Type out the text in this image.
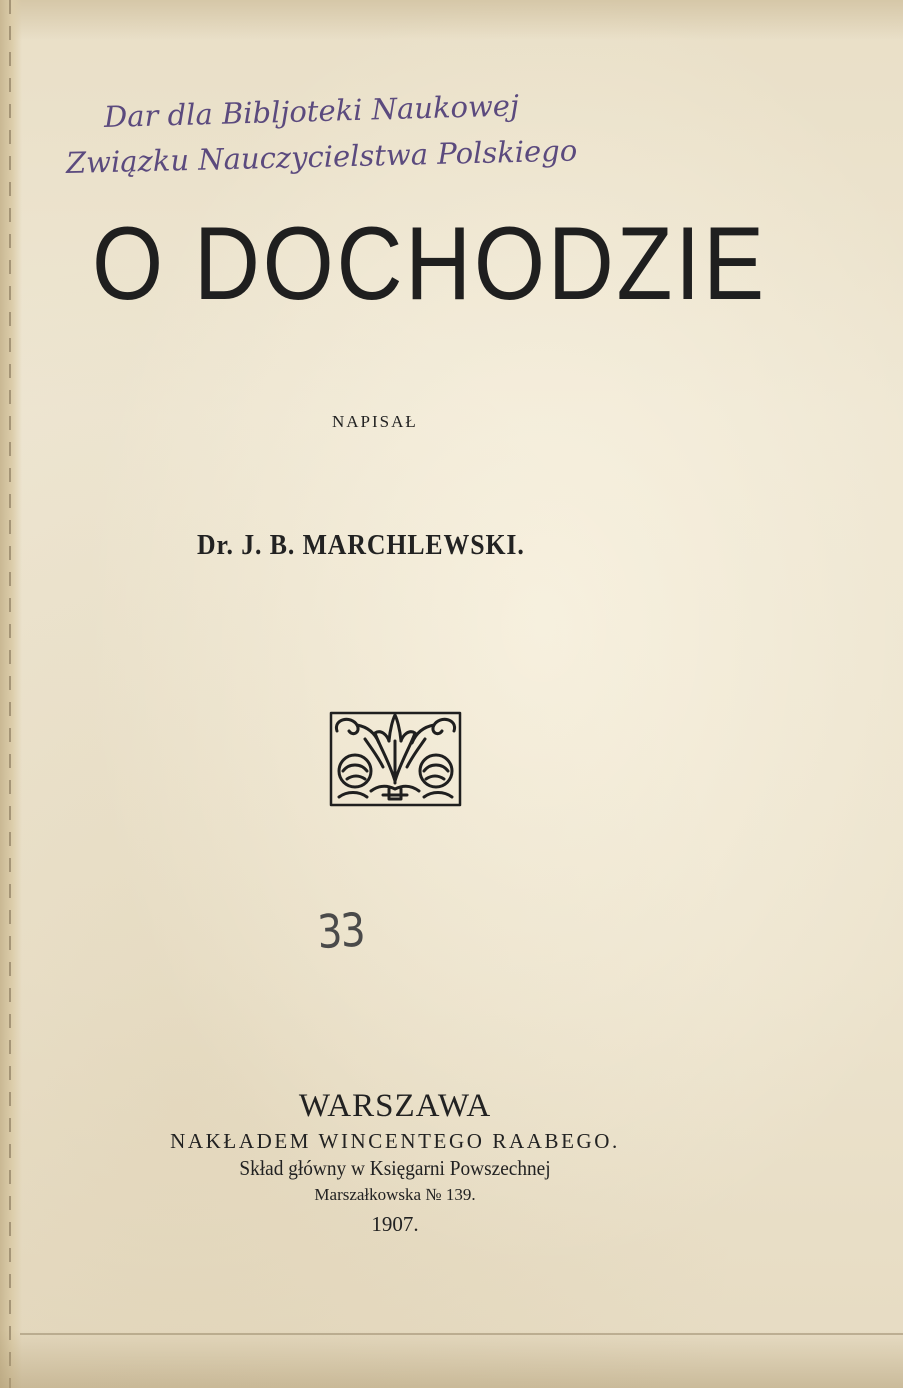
Dar dla Bibljoteki Naukowej
Związku Nauczycielstwa Polskiego
O DOCHODZIE
NAPISAŁ
Dr. J. B. MARCHLEWSKI.
33
WARSZAWA
NAKŁADEM WINCENTEGO RAABEGO.
Skład główny w Księgarni Powszechnej
Marszałkowska № 139.
1907.
